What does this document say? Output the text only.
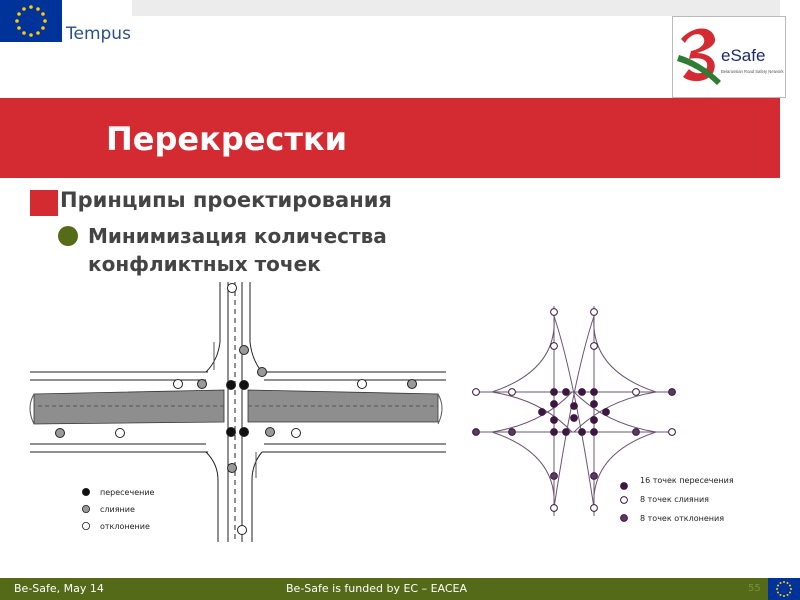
Tempus
eSafe
Belarussian Road Safety Network
Перекрестки
Принципы проектирования
Минимизация количества
конфликтных точек
пересечение
слияние
отклонение
16 точек пересечения
8 точек слияния
8 точек отклонения
Be-Safe, May 14	Be-Safe is funded by EC – EACEA	55
